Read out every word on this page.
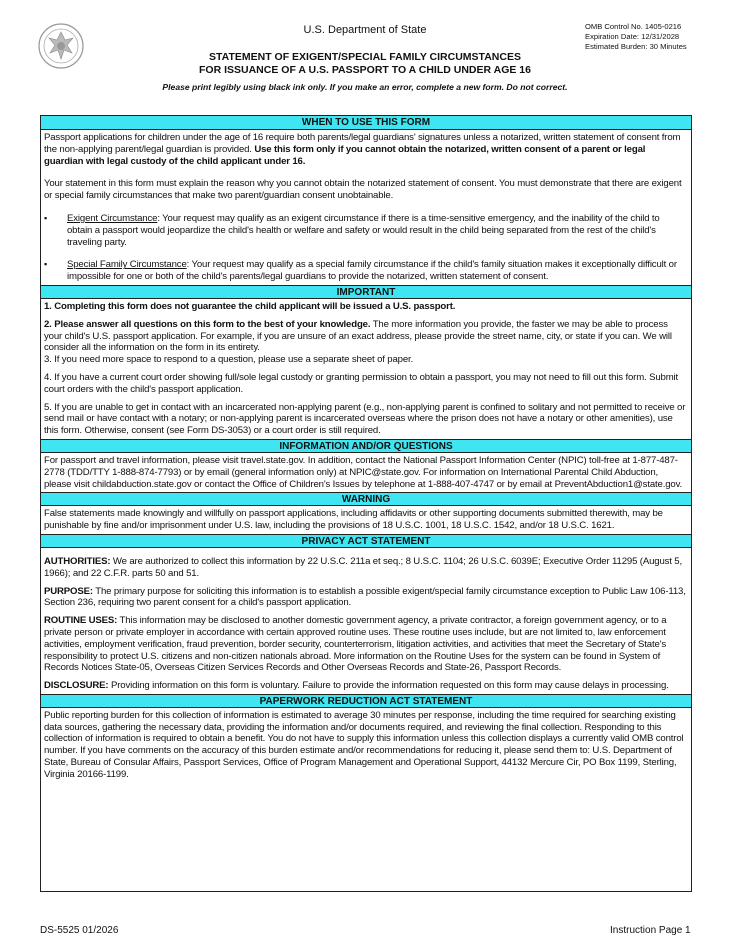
U.S. Department of State
STATEMENT OF EXIGENT/SPECIAL FAMILY CIRCUMSTANCES
FOR ISSUANCE OF A U.S. PASSPORT TO A CHILD UNDER AGE 16
Please print legibly using black ink only. If you make an error, complete a new form. Do not correct.
OMB Control No. 1405-0216
Expiration Date: 12/31/2028
Estimated Burden: 30 Minutes
WHEN TO USE THIS FORM

Passport applications for children under the age of 16 require both parents/legal guardians' signatures unless a notarized, written statement of consent from the non-applying parent/legal guardian is provided. Use this form only if you cannot obtain the notarized, written consent of a parent or legal guardian with legal custody of the child applicant under 16.

Your statement in this form must explain the reason why you cannot obtain the notarized statement of consent. You must demonstrate that there are exigent or special family circumstances that make two parent/guardian consent unobtainable.

▪	Exigent Circumstance: Your request may qualify as an exigent circumstance if there is a time-sensitive emergency, and the inability of the child to obtain a passport would jeopardize the child's health or welfare and safety or would result in the child being separated from the rest of the child's traveling party.
▪	Special Family Circumstance: Your request may qualify as a special family circumstance if the child's family situation makes it exceptionally difficult or impossible for one or both of the child's parents/legal guardians to provide the notarized, written statement of consent.
IMPORTANT

1. Completing this form does not guarantee the child applicant will be issued a U.S. passport.

2. Please answer all questions on this form to the best of your knowledge. The more information you provide, the faster we may be able to process your child's U.S. passport application. For example, if you are unsure of an exact address, please provide the street name, city, or state if you can. We will consider all the information on the form in its entirety.

3. If you need more space to respond to a question, please use a separate sheet of paper.

4. If you have a current court order showing full/sole legal custody or granting permission to obtain a passport, you may not need to fill out this form. Submit court orders with the child's passport application.

5. If you are unable to get in contact with an incarcerated non-applying parent (e.g., non-applying parent is confined to solitary and not permitted to receive or send mail or have contact with a notary; or non-applying parent is incarcerated overseas where the prison does not have a notary or other amenities), use this form. Otherwise, consent (see Form DS-3053) or a court order is still required.

INFORMATION AND/OR QUESTIONS

For passport and travel information, please visit travel.state.gov. In addition, contact the National Passport Information Center (NPIC) toll-free at 1-877-487-2778 (TDD/TTY 1-888-874-7793) or by email (general information only) at NPIC@state.gov. For information on International Parental Child Abduction, please visit childabduction.state.gov or contact the Office of Children's Issues by telephone at 1-888-407-4747 or by email at PreventAbduction1@state.gov.

WARNING

False statements made knowingly and willfully on passport applications, including affidavits or other supporting documents submitted therewith, may be punishable by fine and/or imprisonment under U.S. law, including the provisions of 18 U.S.C. 1001, 18 U.S.C. 1542, and/or 18 U.S.C. 1621.

PRIVACY ACT STATEMENT

AUTHORITIES: We are authorized to collect this information by 22 U.S.C. 211a et seq.; 8 U.S.C. 1104; 26 U.S.C. 6039E; Executive Order 11295 (August 5, 1966); and 22 C.F.R. parts 50 and 51.

PURPOSE: The primary purpose for soliciting this information is to establish a possible exigent/special family circumstance exception to Public Law 106-113, Section 236, requiring two parent consent for a child's passport application.

ROUTINE USES: This information may be disclosed to another domestic government agency, a private contractor, a foreign government agency, or to a private person or private employer in accordance with certain approved routine uses. These routine uses include, but are not limited to, law enforcement activities, employment verification, fraud prevention, border security, counterterrorism, litigation activities, and activities that meet the Secretary of State's responsibility to protect U.S. citizens and non-citizen nationals abroad. More information on the Routine Uses for the system can be found in System of Records Notices State-05, Overseas Citizen Services Records and Other Overseas Records and State-26, Passport Records.

DISCLOSURE: Providing information on this form is voluntary. Failure to provide the information requested on this form may cause delays in processing.

PAPERWORK REDUCTION ACT STATEMENT

Public reporting burden for this collection of information is estimated to average 30 minutes per response, including the time required for searching existing data sources, gathering the necessary data, providing the information and/or documents required, and reviewing the final collection. Responding to this collection of information is required to obtain a benefit. You do not have to supply this information unless this collection displays a currently valid OMB control number. If you have comments on the accuracy of this burden estimate and/or recommendations for reducing it, please send them to: U.S. Department of State, Bureau of Consular Affairs, Passport Services, Office of Program Management and Operational Support, 44132 Mercure Cir, PO Box 1199, Sterling, Virginia 20166-1199.

DS-5525 01/2026	Instruction Page 1
